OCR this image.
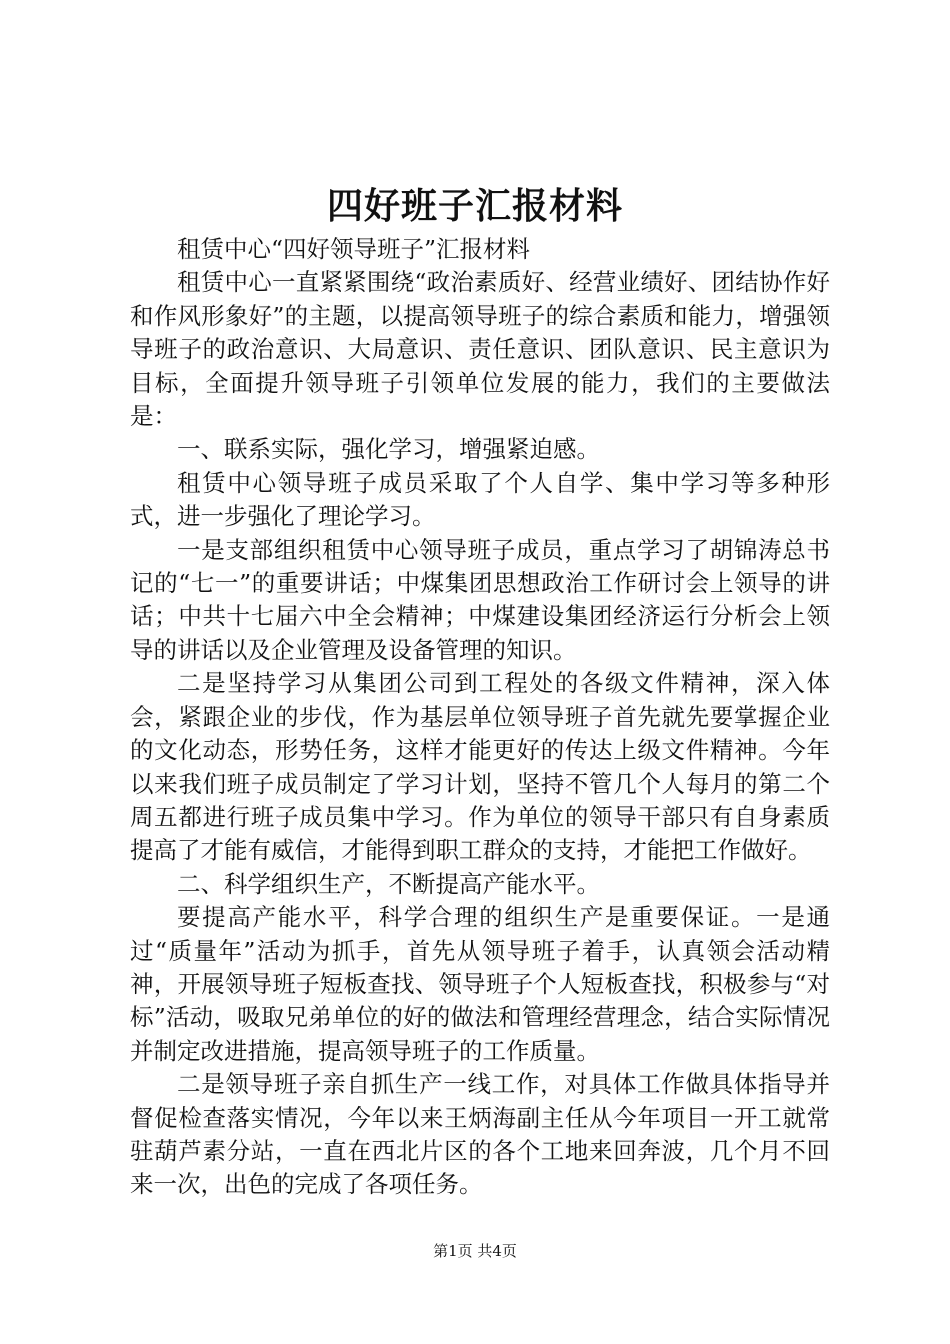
四好班子汇报材料

租赁中心“四好领导班子”汇报材料

租赁中心一直紧紧围绕“政治素质好、经营业绩好、团结协作好和作风形象好”的主题，以提高领导班子的综合素质和能力，增强领导班子的政治意识、大局意识、责任意识、团队意识、民主意识为目标，全面提升领导班子引领单位发展的能力，我们的主要做法是：

一、联系实际，强化学习，增强紧迫感。

租赁中心领导班子成员采取了个人自学、集中学习等多种形式，进一步强化了理论学习。

一是支部组织租赁中心领导班子成员，重点学习了胡锦涛总书记的“七一”的重要讲话；中煤集团思想政治工作研讨会上领导的讲话；中共十七届六中全会精神；中煤建设集团经济运行分析会上领导的讲话以及企业管理及设备管理的知识。

二是坚持学习从集团公司到工程处的各级文件精神，深入体会，紧跟企业的步伐，作为基层单位领导班子首先就先要掌握企业的文化动态，形势任务，这样才能更好的传达上级文件精神。今年以来我们班子成员制定了学习计划，坚持不管几个人每月的第二个周五都进行班子成员集中学习。作为单位的领导干部只有自身素质提高了才能有威信，才能得到职工群众的支持，才能把工作做好。

二、科学组织生产，不断提高产能水平。

要提高产能水平，科学合理的组织生产是重要保证。一是通过“质量年”活动为抓手，首先从领导班子着手，认真领会活动精神，开展领导班子短板查找、领导班子个人短板查找，积极参与“对标”活动，吸取兄弟单位的好的做法和管理经营理念，结合实际情况并制定改进措施，提高领导班子的工作质量。

二是领导班子亲自抓生产一线工作，对具体工作做具体指导并督促检查落实情况，今年以来王炳海副主任从今年项目一开工就常驻葫芦素分站，一直在西北片区的各个工地来回奔波，几个月不回来一次，出色的完成了各项任务。

第1页 共4页
